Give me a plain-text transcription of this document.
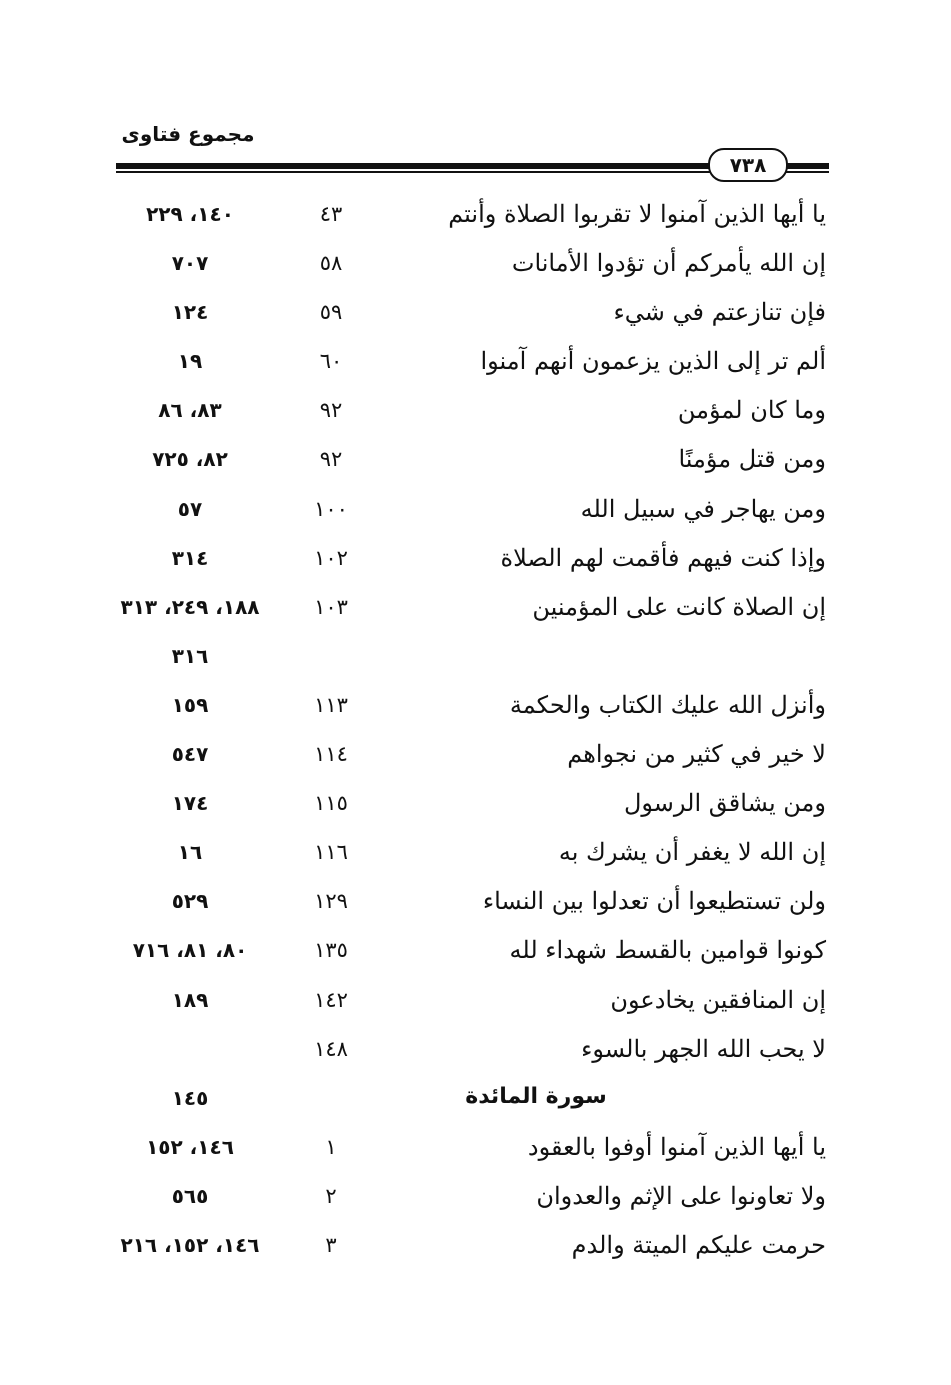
مجموع فتاوى
٧٣٨
يا أيها الذين آمنوا لا تقربوا الصلاة وأنتم
٤٣
١٤٠، ٢٢٩
إن الله يأمركم أن تؤدوا الأمانات
٥٨
٧٠٧
فإن تنازعتم في شيء
٥٩
١٢٤
ألم تر إلى الذين يزعمون أنهم آمنوا
٦٠
١٩
وما كان لمؤمن
٩٢
٨٣، ٨٦
ومن قتل مؤمنًا
٩٢
٨٢، ٧٢٥
ومن يهاجر في سبيل الله
١٠٠
٥٧
وإذا كنت فيهم فأقمت لهم الصلاة
١٠٢
٣١٤
إن الصلاة كانت على المؤمنين
١٠٣
١٨٨، ٢٤٩، ٣١٣
٣١٦
وأنزل الله عليك الكتاب والحكمة
١١٣
١٥٩
لا خير في كثير من نجواهم
١١٤
٥٤٧
ومن يشاقق الرسول
١١٥
١٧٤
إن الله لا يغفر أن يشرك به
١١٦
١٦
ولن تستطيعوا أن تعدلوا بين النساء
١٢٩
٥٢٩
كونوا قوامين بالقسط شهداء لله
١٣٥
٨٠، ٨١، ٧١٦
إن المنافقين يخادعون
١٤٢
١٨٩
لا يحب الله الجهر بالسوء
١٤٨
سورة المائدة
١٤٥
يا أيها الذين آمنوا أوفوا بالعقود
١
١٤٦، ١٥٢
ولا تعاونوا على الإثم والعدوان
٢
٥٦٥
حرمت عليكم الميتة والدم
٣
١٤٦، ١٥٢، ٢١٦
